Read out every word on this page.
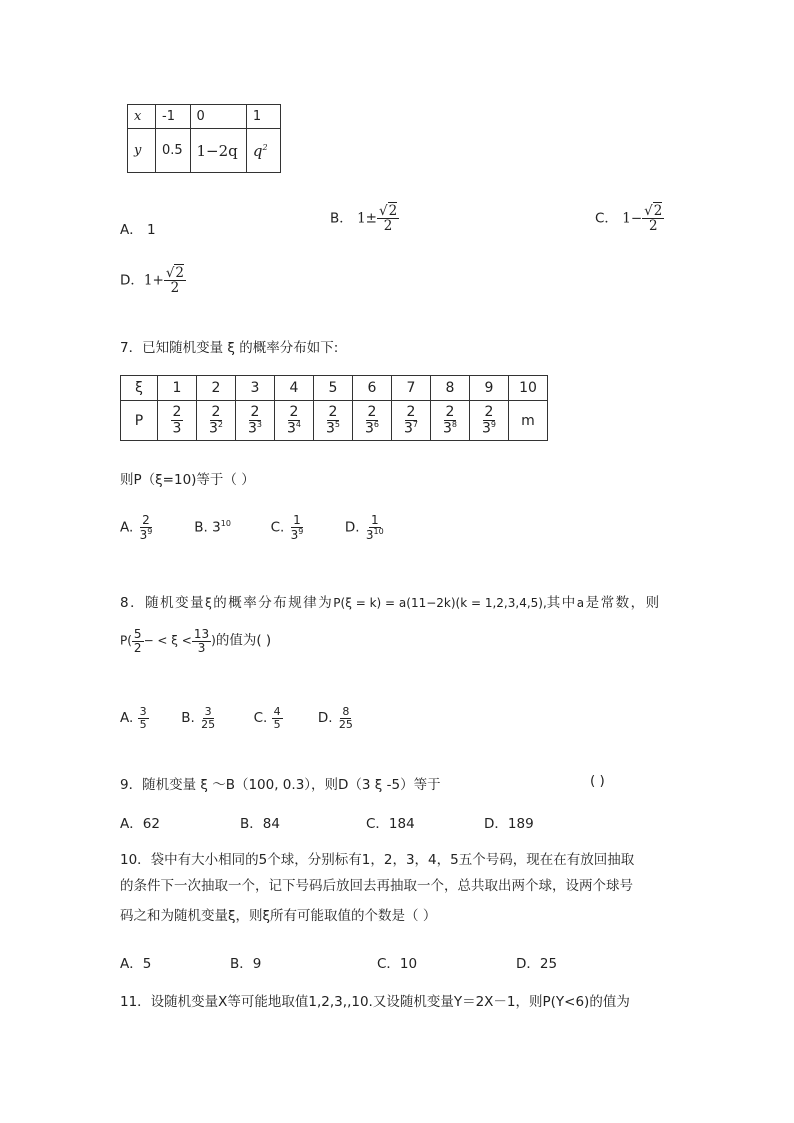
x	-1	0	1
y	0.5	1−2q	$q^2$
A． 1
B． $1\pm \frac{√2}{2}$	C． $1- \frac{√2}{2}$
D．$1+ \frac{√2}{2}$
7．已知随机变量 ξ 的概率分布如下:
ξ	1	2	3	4	5	6	7	8	9	10
P	$\frac{2}{3}$	$\frac{2}{3^2}$	$\frac{2}{3^3}$	$\frac{2}{3^4}$	$\frac{2}{3^5}$	$\frac{2}{3^6}$	$\frac{2}{3^7}$	$\frac{2}{3^8}$	$\frac{2}{3^9}$	m
则P（ξ=10)等于（ ）
A. $\frac{2}{3^9}$	B. $3^{10}$	C. $\frac{1}{3^9}$	D. $\frac{1}{3^{10}}$
8．随机变量ξ的概率分布规律为P(ξ = k) = a(11−2k)(k = 1,2,3,4,5),其中a是常数，则
$P( \frac{5}{2}$ − < $\xi < \frac{13}{3}$ )的值为( )
A. $\frac{3}{5} B$. $\frac{3}{25}$	C. $\frac{4}{5}$	D. $\frac{8}{25}$
9．随机变量 ξ ～B（100, 0.3），则D（3 ξ -5）等于	( )
A．62	B．84	C．184	D．189
10．袋中有大小相同的5个球，分别标有1，2，3，4，5五个号码，现在在有放回抽取
的条件下一次抽取一个，记下号码后放回去再抽取一个，总共取出两个球，设两个球号
码之和为随机变量ξ，则ξ所有可能取值的个数是（ ）
A．5	B．9	C．10	D．25
11．设随机变量X等可能地取值1,2,3,,10.又设随机变量Y＝2X－1，则P(Y<6)的值为
